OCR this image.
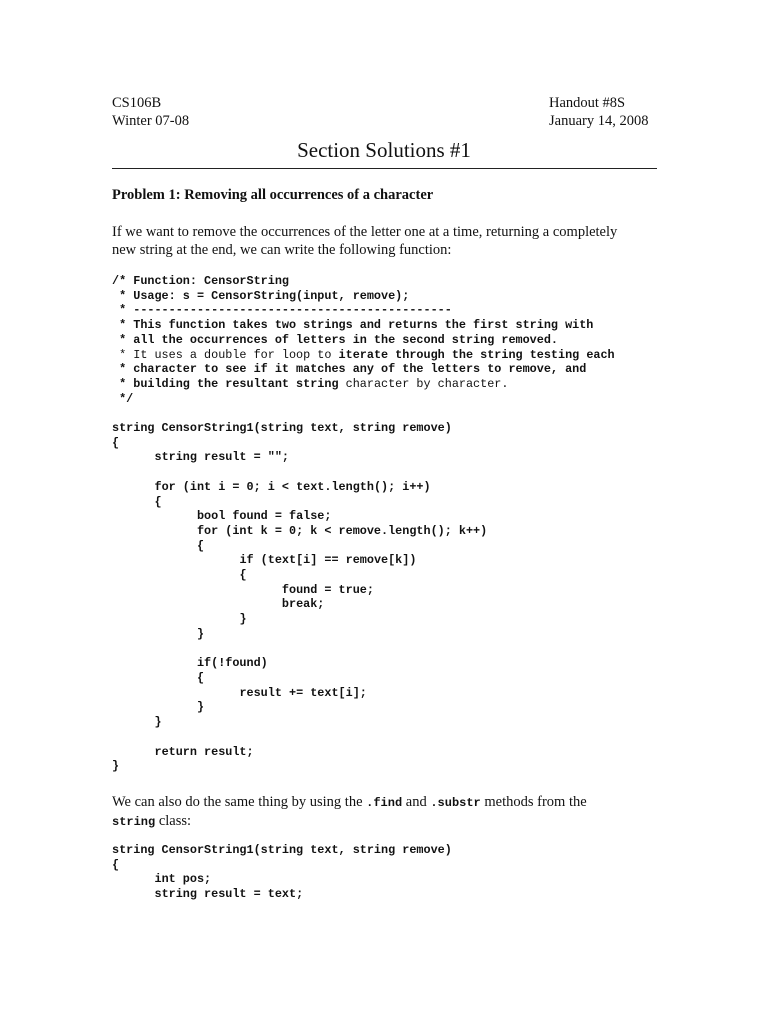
CS106B
Winter 07-08
Handout #8S
January 14, 2008
Section Solutions #1
Problem 1: Removing all occurrences of a character
If we want to remove the occurrences of the letter one at a time, returning a completely
new string at the end, we can write the following function:
/* Function: CensorString
* Usage: s = CensorString(input, remove);
* ---------------------------------------------
* This function takes two strings and returns the first string with
* all the occurrences of letters in the second string removed.
* It uses a double for loop to iterate through the string testing each
* character to see if it matches any of the letters to remove, and
* building the resultant string character by character.
*/

string CensorString1(string text, string remove)
{
	string result = "";

	for (int i = 0; i < text.length(); i++)
	{
		bool found = false;
		for (int k = 0; k < remove.length(); k++)
		{
			if (text[i] == remove[k])
			{
				found = true;
				break;
			}
		}

		if(!found)
		{
			result += text[i];
		}
	}

	return result;
}
We can also do the same thing by using the .find and .substr methods from the
string class:
string CensorString1(string text, string remove)
{
	int pos;
	string result = text;
